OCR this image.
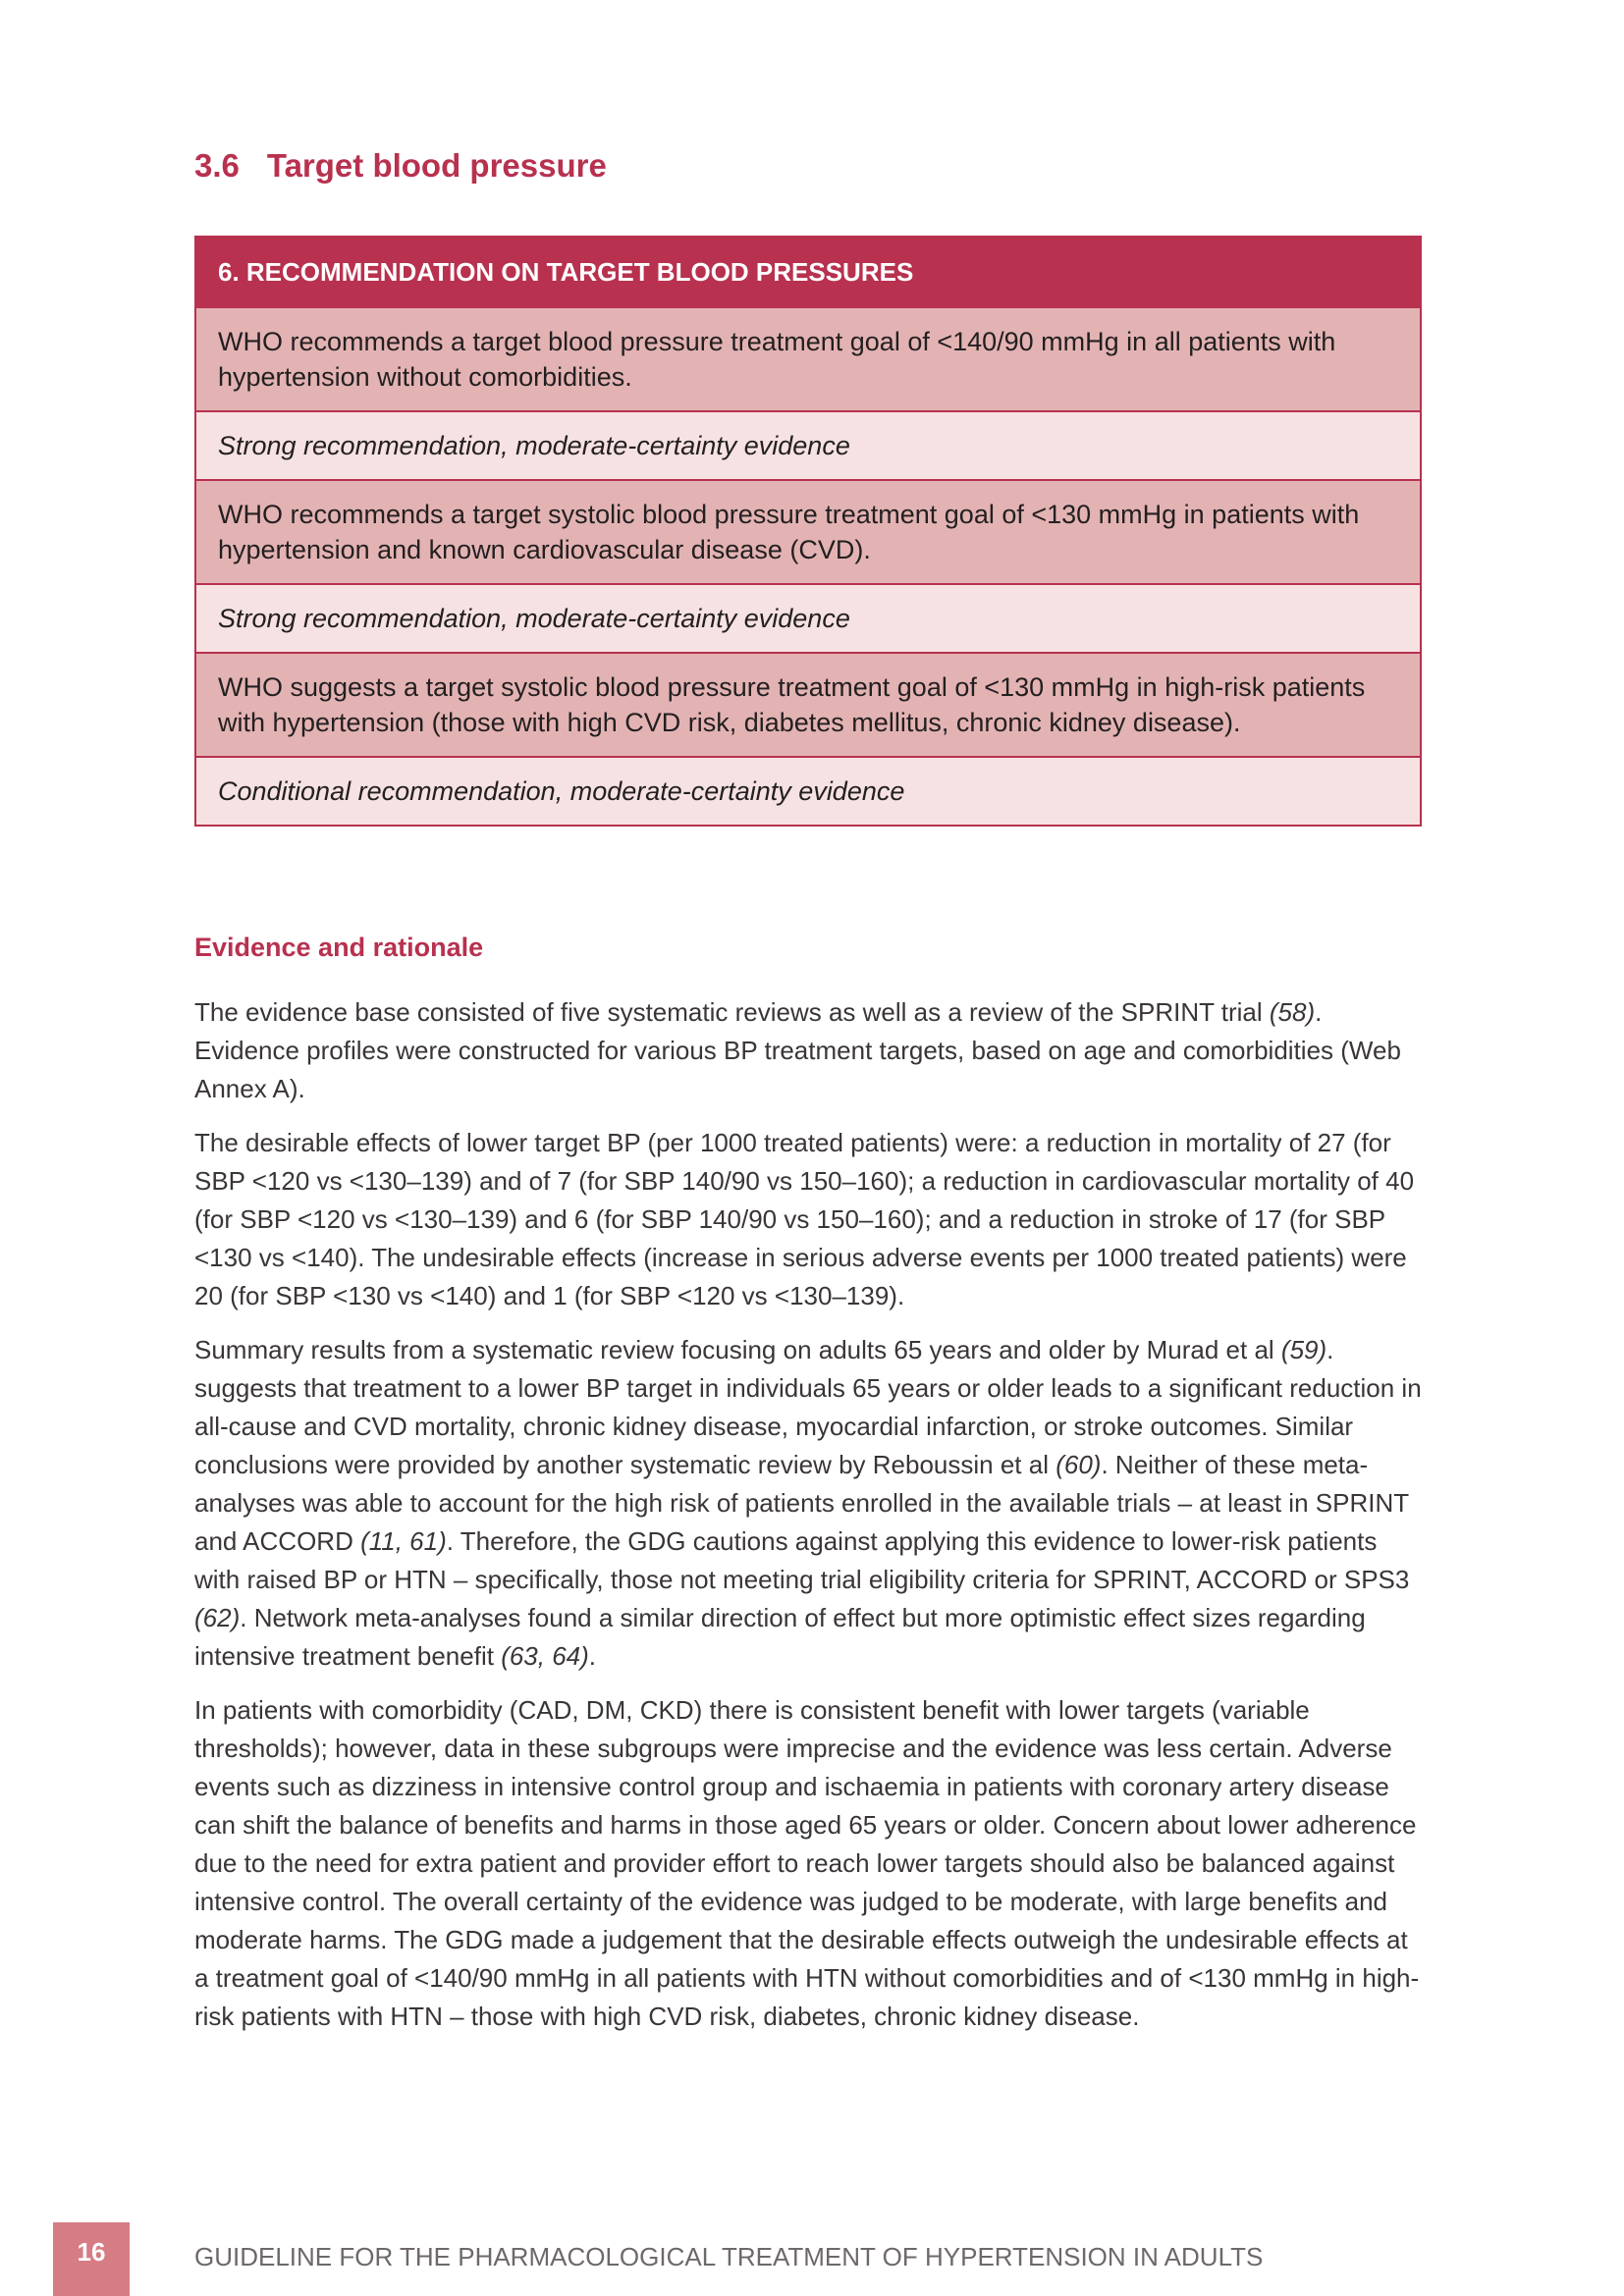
3.6 Target blood pressure
6. RECOMMENDATION ON TARGET BLOOD PRESSURES
WHO recommends a target blood pressure treatment goal of <140/90 mmHg in all patients with hypertension without comorbidities.
Strong recommendation, moderate-certainty evidence
WHO recommends a target systolic blood pressure treatment goal of <130 mmHg in patients with hypertension and known cardiovascular disease (CVD).
Strong recommendation, moderate-certainty evidence
WHO suggests a target systolic blood pressure treatment goal of <130 mmHg in high-risk patients with hypertension (those with high CVD risk, diabetes mellitus, chronic kidney disease).
Conditional recommendation, moderate-certainty evidence
Evidence and rationale

The evidence base consisted of five systematic reviews as well as a review of the SPRINT trial (58). Evidence profiles were constructed for various BP treatment targets, based on age and comorbidities (Web Annex A).

The desirable effects of lower target BP (per 1000 treated patients) were: a reduction in mortality of 27 (for SBP <120 vs <130–139) and of 7 (for SBP 140/90 vs 150–160); a reduction in cardiovascular mortality of 40 (for SBP <120 vs <130–139) and 6 (for SBP 140/90 vs 150–160); and a reduction in stroke of 17 (for SBP <130 vs <140). The undesirable effects (increase in serious adverse events per 1000 treated patients) were 20 (for SBP <130 vs <140) and 1 (for SBP <120 vs <130–139).

Summary results from a systematic review focusing on adults 65 years and older by Murad et al (59). suggests that treatment to a lower BP target in individuals 65 years or older leads to a significant reduction in all-cause and CVD mortality, chronic kidney disease, myocardial infarction, or stroke outcomes. Similar conclusions were provided by another systematic review by Reboussin et al (60). Neither of these meta-analyses was able to account for the high risk of patients enrolled in the available trials – at least in SPRINT and ACCORD (11, 61). Therefore, the GDG cautions against applying this evidence to lower-risk patients with raised BP or HTN – specifically, those not meeting trial eligibility criteria for SPRINT, ACCORD or SPS3 (62). Network meta-analyses found a similar direction of effect but more optimistic effect sizes regarding intensive treatment benefit (63, 64).

In patients with comorbidity (CAD, DM, CKD) there is consistent benefit with lower targets (variable thresholds); however, data in these subgroups were imprecise and the evidence was less certain. Adverse events such as dizziness in intensive control group and ischaemia in patients with coronary artery disease can shift the balance of benefits and harms in those aged 65 years or older. Concern about lower adherence due to the need for extra patient and provider effort to reach lower targets should also be balanced against intensive control. The overall certainty of the evidence was judged to be moderate, with large benefits and moderate harms. The GDG made a judgement that the desirable effects outweigh the undesirable effects at a treatment goal of <140/90 mmHg in all patients with HTN without comorbidities and of <130 mmHg in high-risk patients with HTN – those with high CVD risk, diabetes, chronic kidney disease.

16	GUIDELINE FOR THE PHARMACOLOGICAL TREATMENT OF HYPERTENSION IN ADULTS
